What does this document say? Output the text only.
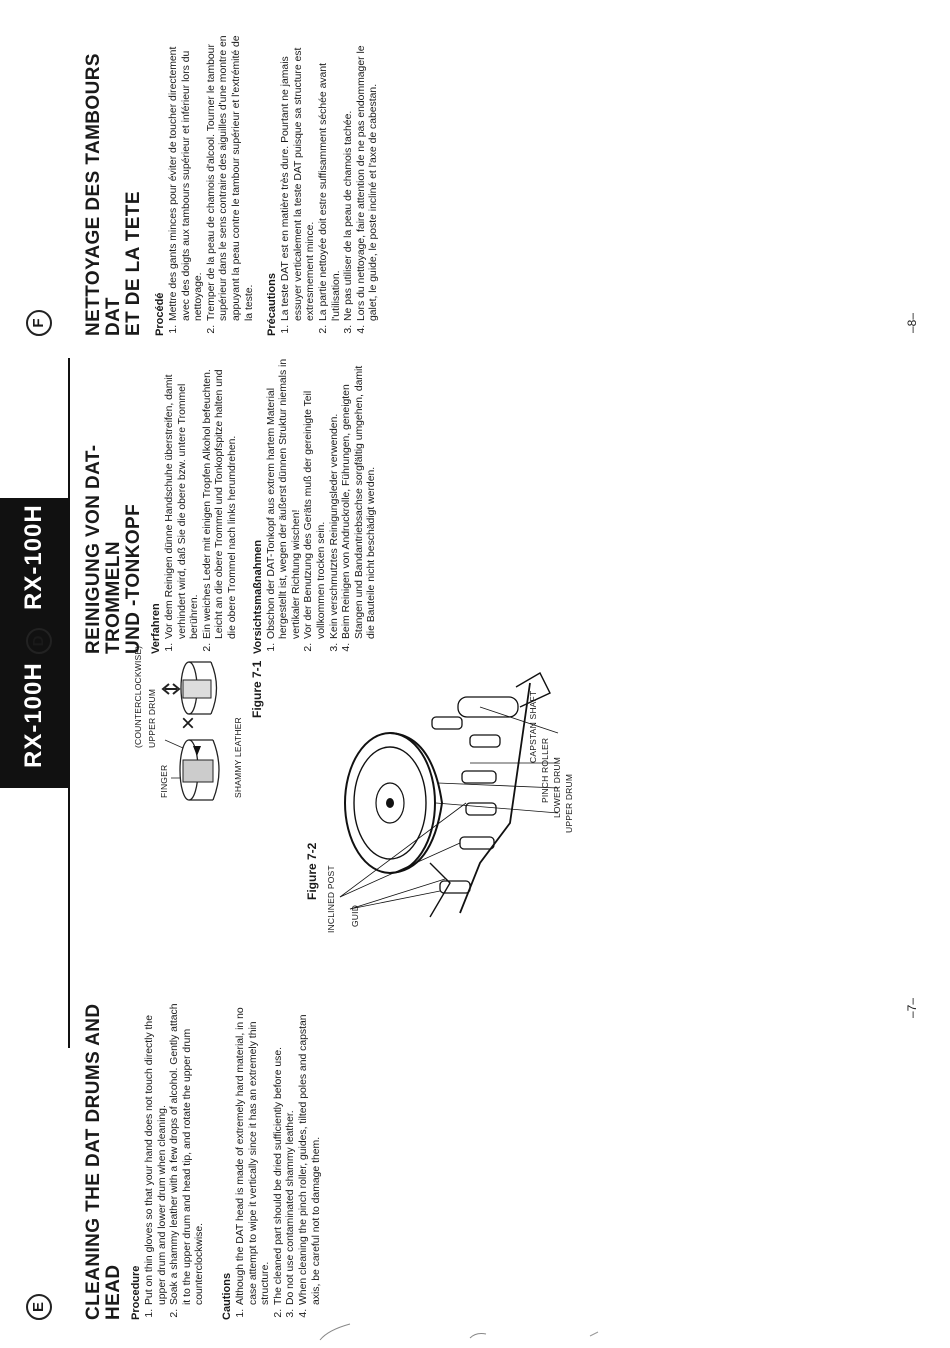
RX-100H
RX-100H
E
D
F
CLEANING THE DAT DRUMS AND HEAD Procedure 1. Put on thin gloves so that your hand does not touch directly the upper drum and lower drum when cleaning. 2. Soak a shammy leather with a few drops of alcohol. Gently attach it to the upper drum and head tip, and rotate the upper drum counterclockwise. Cautions 1. Although the DAT head is made of extremely hard material, in no case attempt to wipe it vertically since it has an extremely thin structure. 2. The cleaned part should be dried sufficiently before use. 3. Do not use contaminated shammy leather. 4. When cleaning the pinch roller, guides, tilted poles and capstan axis, be careful not to damage them.
FINGER
UPPER DRUM
(COUNTERCLOCKWISE)
SHAMMY LEATHER
×
Figure 7-1
UPPER DRUM
LOWER DRUM
PINCH ROLLER
CAPSTAN SHAFT
GUID
INCLINED POST
Figure 7-2
REINIGUNG VON DAT-TROMMELN UND -TONKOPF Verfahren 1. Vor dem Reinigen dünne Handschuhe überstreifen, damit verhindert wird, daß Sie die obere bzw. untere Trommel berühren. 2. Ein weiches Leder mit einigen Tropfen Alkohol befeuchten. Leicht an die obere Trommel und Tonkopfspitze halten und die obere Trommel nach links herumdrehen. Vorsichtsmaßnahmen 1. Obschon der DAT-Tonkopf aus extrem hartem Material hergestellt ist, wegen der äußerst dünnen Struktur niemals in vertikaler Richtung wischen! 2. Vor der Benutzung des Geräts muß der gereinigte Teil vollkommen trocken sein. 3. Kein verschmutztes Reinigungsleder verwenden. 4. Beim Reinigen von Andruckrolle, Führungen, geneigten Stangen und Bandantriebsachse sorgfältig umgehen, damit die Bauteile nicht beschädigt werden.
NETTOYAGE DES TAMBOURS DAT ET DE LA TETE Procédé 1. Mettre des gants minces pour éviter de toucher directement avec des doigts aux tambours supérieur et inférieur lors du nettoyage. 2. Tremper de la peau de chamois d'alcool. Tourner le tambour supérieur dans le sens contraire des aiguilles d'une montre en appuyant la peau contre le tambour supérieur et l'extrémité de la teste. Précautions 1. La teste DAT est en matière très dure. Pourtant ne jamais essuyer verticalement la teste DAT puisque sa structure est extresmement mince. 2. La partie nettoyée doit estre suffisamment séchée avant l'utilisation. 3. Ne pas utiliser de la peau de chamois tachée. 4. Lors du nettoyage, faire attention de ne pas endommager le galet, le guide, le poste incliné et l'axe de cabestan.
–7–
–8–
